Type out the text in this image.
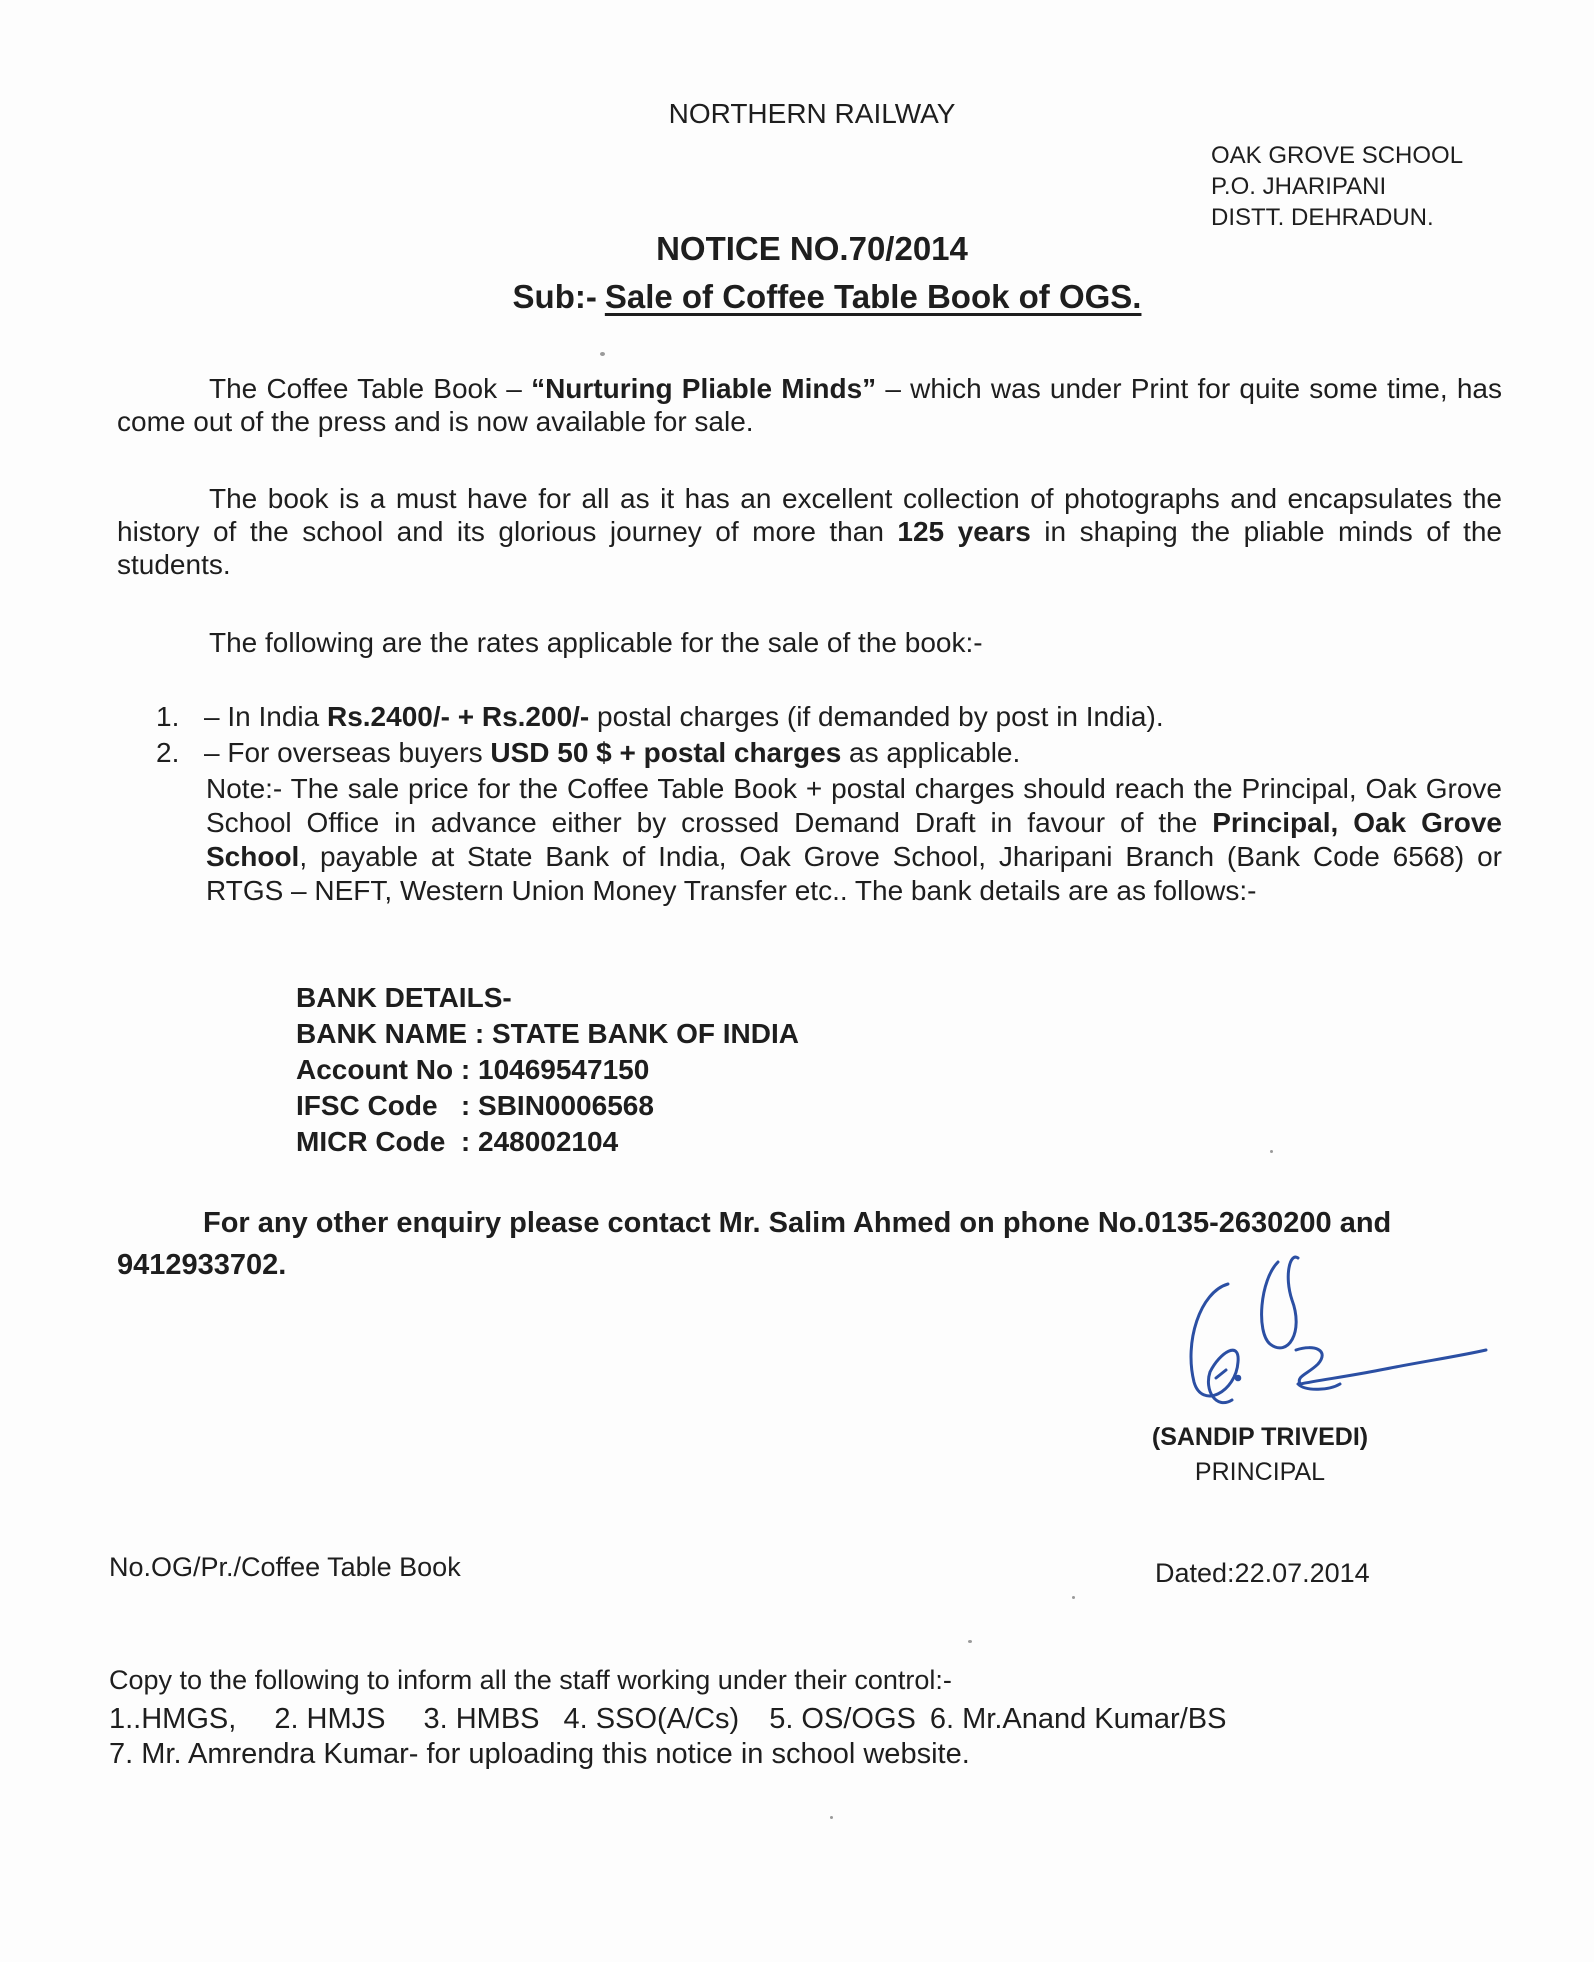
NORTHERN RAILWAY
OAK GROVE SCHOOL
P.O. JHARIPANI
DISTT. DEHRADUN.
NOTICE NO.70/2014
Sub:- Sale of Coffee Table Book of OGS.
The Coffee Table Book – “Nurturing Pliable Minds” – which was under Print for quite some time, has come out of the press and is now available for sale.
The book is a must have for all as it has an excellent collection of photographs and encapsulates the history of the school and its glorious journey of more than 125 years in shaping the pliable minds of the students.
The following are the rates applicable for the sale of the book:-
1. – In India Rs.2400/- + Rs.200/- postal charges (if demanded by post in India).
2. – For overseas buyers USD 50 $ + postal charges as applicable.
Note:- The sale price for the Coffee Table Book + postal charges should reach the Principal, Oak Grove School Office in advance either by crossed Demand Draft in favour of the Principal, Oak Grove School, payable at State Bank of India, Oak Grove School, Jharipani Branch (Bank Code 6568) or RTGS – NEFT, Western Union Money Transfer etc.. The bank details are as follows:-
BANK DETAILS-
BANK NAME : STATE BANK OF INDIA
Account No : 10469547150
IFSC Code   : SBIN0006568
MICR Code  : 248002104
For any other enquiry please contact Mr. Salim Ahmed on phone No.0135-2630200 and 9412933702.
(SANDIP TRIVEDI)
PRINCIPAL
No.OG/Pr./Coffee Table Book	Dated:22.07.2014
Copy to the following to inform all the staff working under their control:-
1..HMGS, 2. HMJS 3. HMBS 4. SSO(A/Cs) 5. OS/OGS 6. Mr.Anand Kumar/BS
7. Mr. Amrendra Kumar- for uploading this notice in school website.
